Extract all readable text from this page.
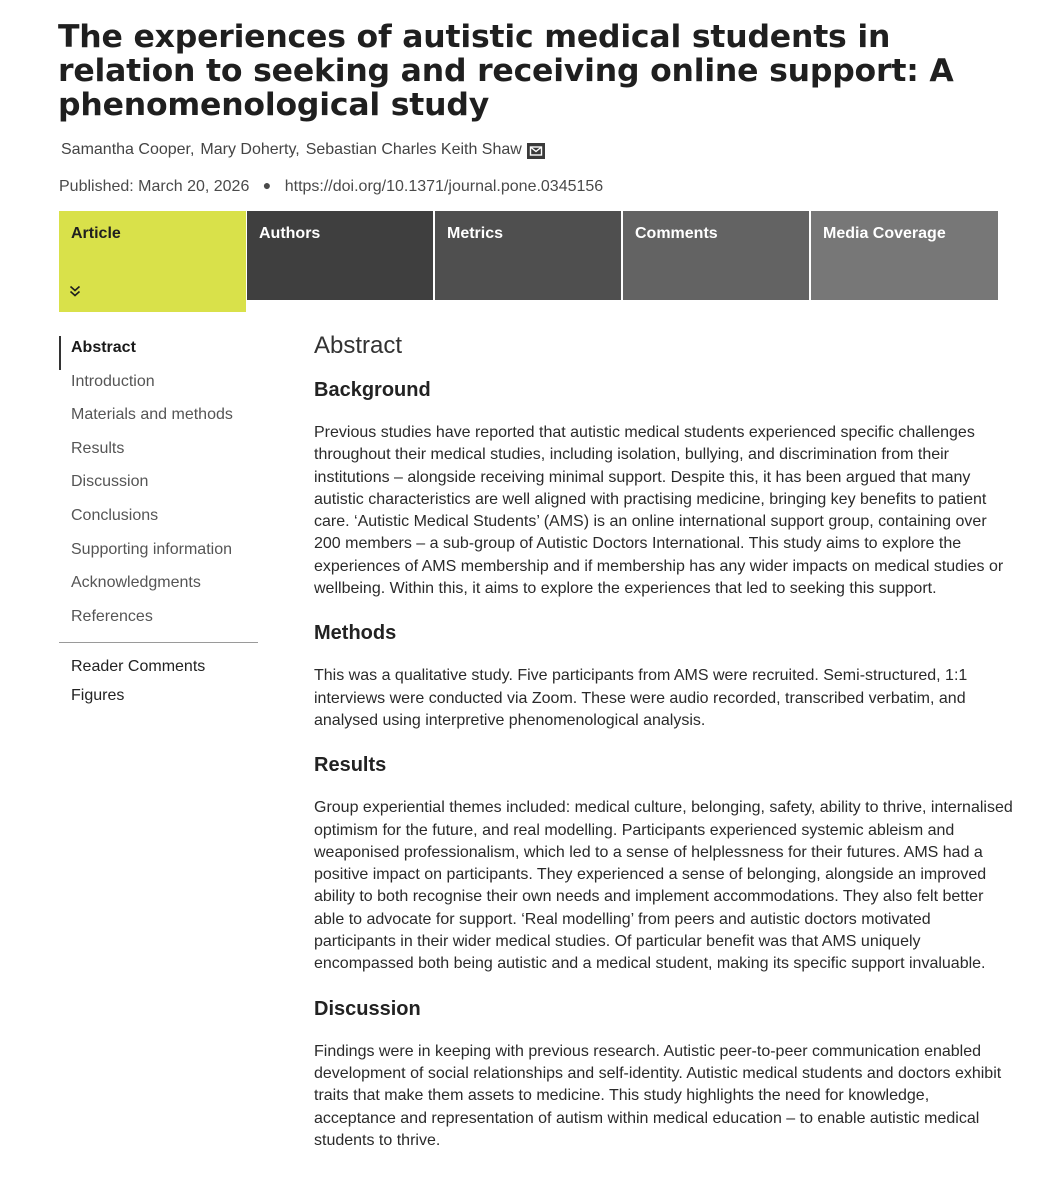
The experiences of autistic medical students in relation to seeking and receiving online support: A phenomenological study
Samantha Cooper, Mary Doherty, Sebastian Charles Keith Shaw
Published: March 20, 2026 ● https://doi.org/10.1371/journal.pone.0345156
Article	Authors	Metrics	Comments	Media Coverage
Abstract
Introduction
Materials and methods
Results
Discussion
Conclusions
Supporting information
Acknowledgments
References
Reader Comments
Figures
Abstract
Background

Previous studies have reported that autistic medical students experienced specific challenges throughout their medical studies, including isolation, bullying, and discrimination from their institutions – alongside receiving minimal support. Despite this, it has been argued that many autistic characteristics are well aligned with practising medicine, bringing key benefits to patient care. ‘Autistic Medical Students’ (AMS) is an online international support group, containing over 200 members – a sub-group of Autistic Doctors International. This study aims to explore the experiences of AMS membership and if membership has any wider impacts on medical studies or wellbeing. Within this, it aims to explore the experiences that led to seeking this support.

Methods

This was a qualitative study. Five participants from AMS were recruited. Semi-structured, 1:1 interviews were conducted via Zoom. These were audio recorded, transcribed verbatim, and analysed using interpretive phenomenological analysis.

Results

Group experiential themes included: medical culture, belonging, safety, ability to thrive, internalised optimism for the future, and real modelling. Participants experienced systemic ableism and weaponised professionalism, which led to a sense of helplessness for their futures. AMS had a positive impact on participants. They experienced a sense of belonging, alongside an improved ability to both recognise their own needs and implement accommodations. They also felt better able to advocate for support. ‘Real modelling’ from peers and autistic doctors motivated participants in their wider medical studies. Of particular benefit was that AMS uniquely encompassed both being autistic and a medical student, making its specific support invaluable.

Discussion

Findings were in keeping with previous research. Autistic peer-to-peer communication enabled development of social relationships and self-identity. Autistic medical students and doctors exhibit traits that make them assets to medicine. This study highlights the need for knowledge, acceptance and representation of autism within medical education – to enable autistic medical students to thrive.
